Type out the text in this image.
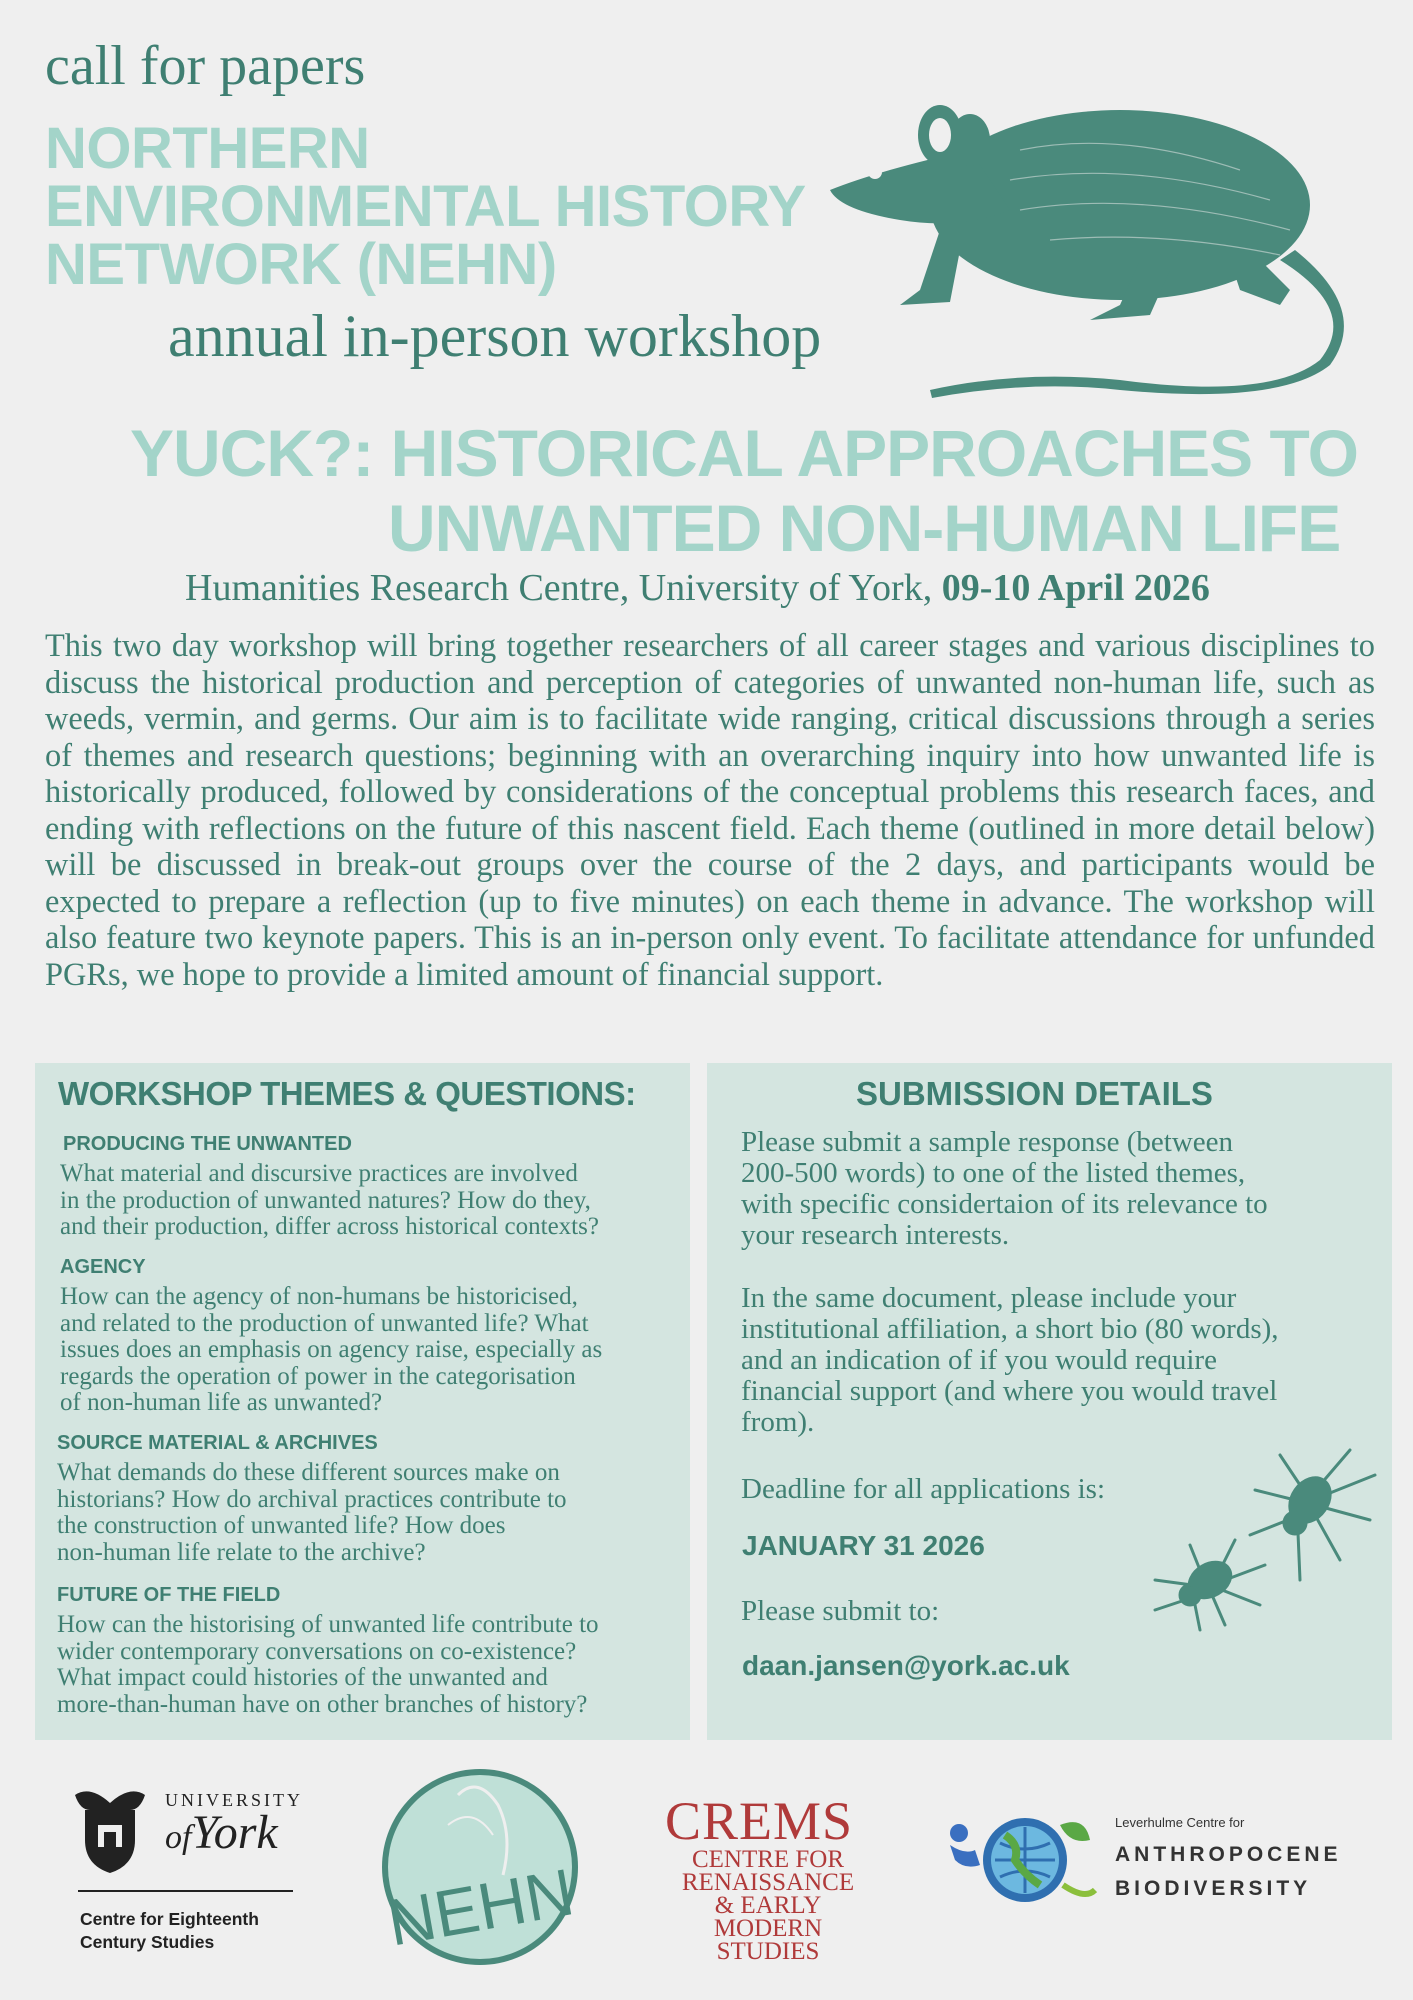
call for papers
NORTHERN
ENVIRONMENTAL HISTORY
NETWORK (NEHN)
annual in-person workshop
YUCK?: HISTORICAL APPROACHES TO
UNWANTED NON-HUMAN LIFE
Humanities Research Centre, University of York, 09-10 April 2026
This two day workshop will bring together researchers of all career stages and various disciplines to discuss the historical production and perception of categories of unwanted non-human life, such as weeds, vermin, and germs. Our aim is to facilitate wide ranging, critical discussions through a series of themes and research questions; beginning with an overarching inquiry into how unwanted life is historically produced, followed by considerations of the conceptual problems this research faces, and ending with reflections on the future of this nascent field. Each theme (outlined in more detail below) will be discussed in break-out groups over the course of the 2 days, and participants would be expected to prepare a reflection (up to five minutes) on each theme in advance. The workshop will also feature two keynote papers. This is an in-person only event. To facilitate attendance for unfunded PGRs, we hope to provide a limited amount of financial support.
WORKSHOP THEMES & QUESTIONS:
PRODUCING THE UNWANTED
What material and discursive practices are involved
in the production of unwanted natures? How do they,
and their production, differ across historical contexts?
AGENCY
How can the agency of non-humans be historicised,
and related to the production of unwanted life? What
issues does an emphasis on agency raise, especially as
regards the operation of power in the categorisation
of non-human life as unwanted?
SOURCE MATERIAL & ARCHIVES
What demands do these different sources make on
historians? How do archival practices contribute to
the construction of unwanted life? How does
non-human life relate to the archive?
FUTURE OF THE FIELD
How can the historising of unwanted life contribute to
wider contemporary conversations on co-existence?
What impact could histories of the unwanted and
more-than-human have on other branches of history?
SUBMISSION DETAILS
Please submit a sample response (between
200-500 words) to one of the listed themes,
with specific considertaion of its relevance to
your research interests.
In the same document, please include your
institutional affiliation, a short bio (80 words),
and an indication of if you would require
financial support (and where you would travel
from).
Deadline for all applications is:
JANUARY 31 2026
Please submit to:
daan.jansen@york.ac.uk
UNIVERSITY
ofYork
Centre for Eighteenth
Century Studies	NEHN
CREMS
CENTRE FOR
RENAISSANCE
& EARLY MODERN
STUDIES
Leverhulme Centre for
ANTHROPOCENE
BIODIVERSITY
